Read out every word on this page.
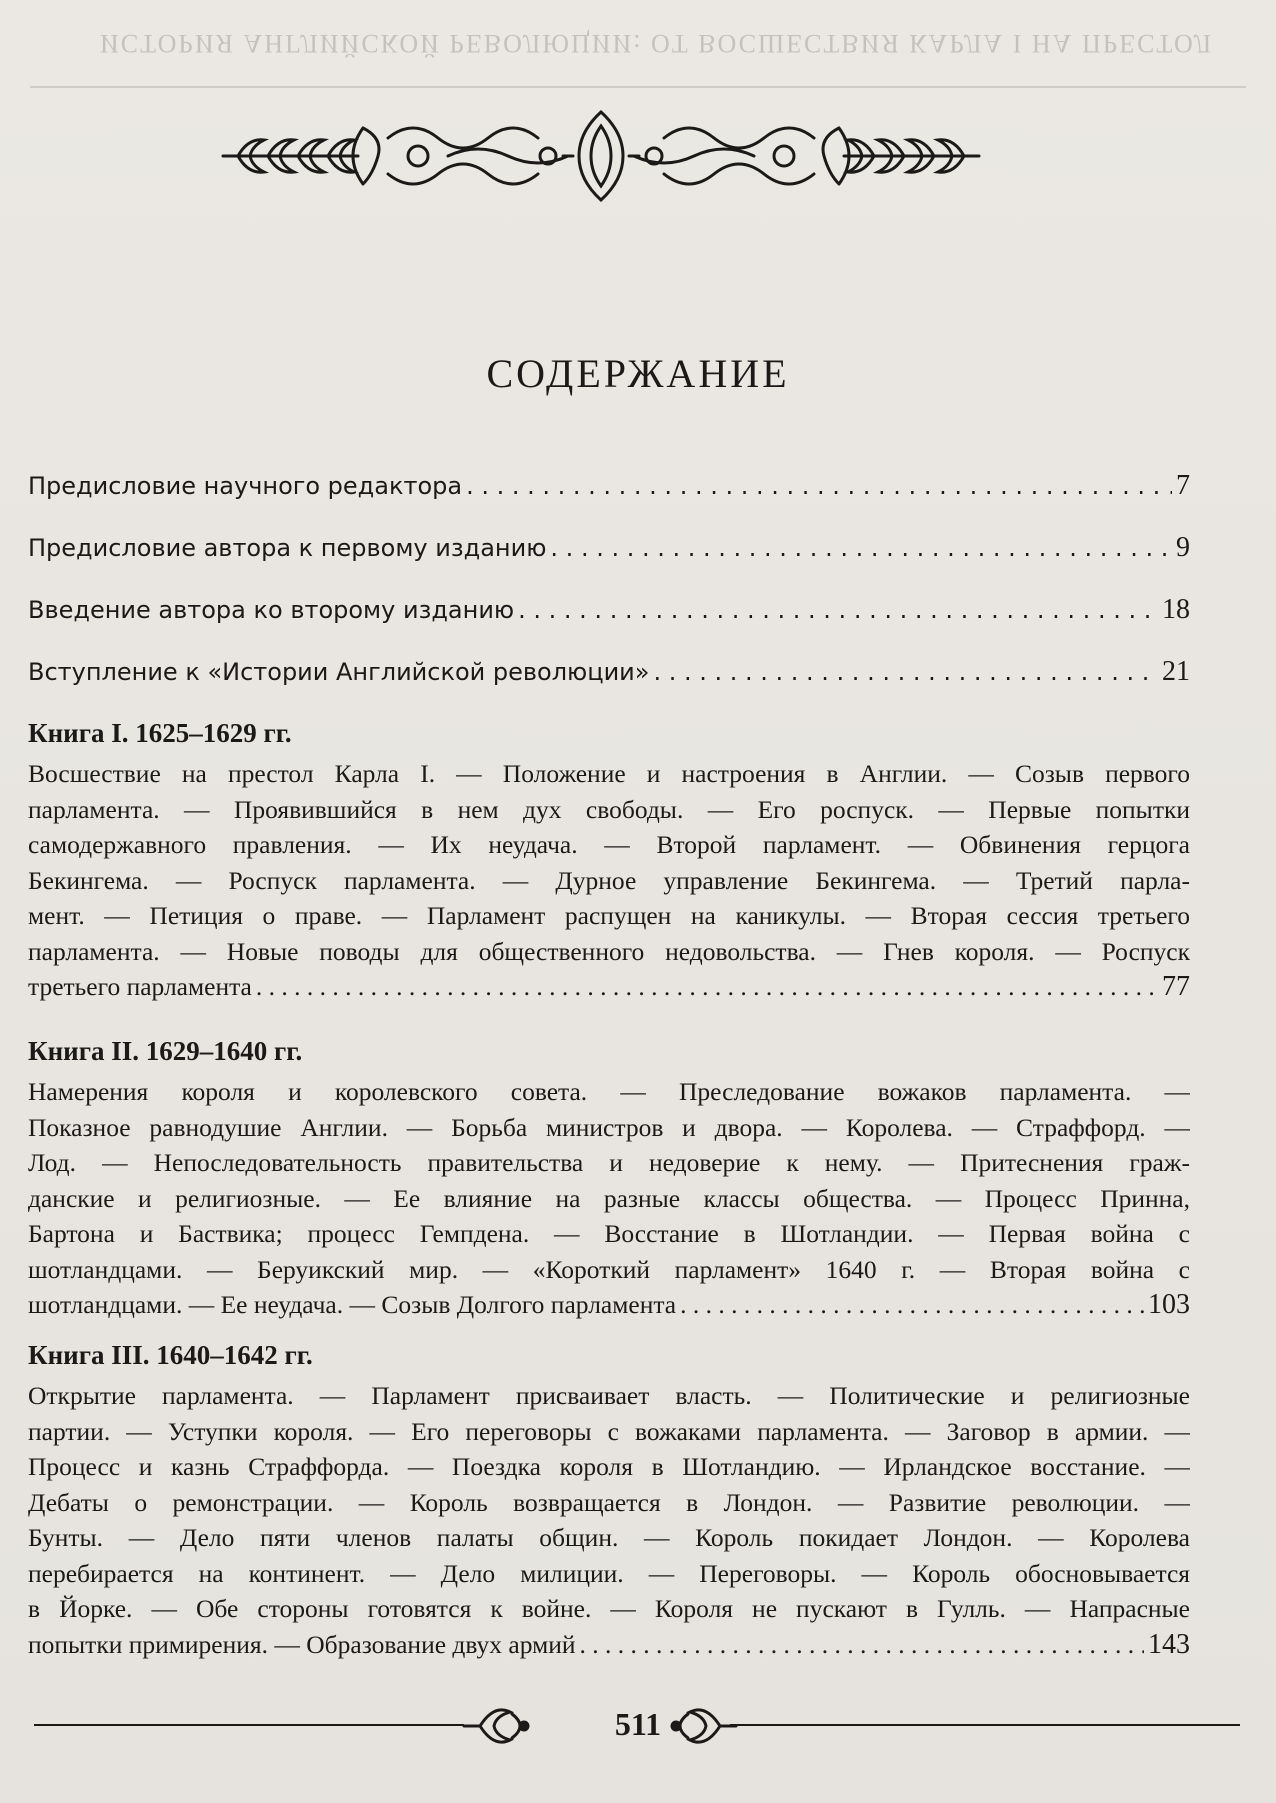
ИСТОРИЯ АНГЛИЙСКОЙ РЕВОЛЮЦИИ: ОТ ВОСШЕСТВИЯ КАРЛА I НА ПРЕСТОЛ
СОДЕРЖАНИЕ
Предисловие научного редактора . . .	7
Предисловие автора к первому изданию . . .	9
Введение автора ко второму изданию . . .	18
Вступление к «Истории Английской революции» . . .	21
Книга I. 1625–1629 гг.
Восшествие на престол Карла I. — Положение и настроения в Англии. — Созыв первого
парламента. — Проявившийся в нем дух свободы. — Его роспуск. — Первые попытки
самодержавного правления. — Их неудача. — Второй парламент. — Обвинения герцога
Бекингема. — Роспуск парламента. — Дурное управление Бекингема. — Третий парла-
мент. — Петиция о праве. — Парламент распущен на каникулы. — Вторая сессия третьего
парламента. — Новые поводы для общественного недовольства. — Гнев короля. — Роспуск
третьего парламента . . .	77
Книга II. 1629–1640 гг.
Намерения короля и королевского совета. — Преследование вожаков парламента. —
Показное равнодушие Англии. — Борьба министров и двора. — Королева. — Страффорд. —
Лод. — Непоследовательность правительства и недоверие к нему. — Притеснения граж-
данские и религиозные. — Ее влияние на разные классы общества. — Процесс Принна,
Бартона и Баствика; процесс Гемпдена. — Восстание в Шотландии. — Первая война с
шотландцами. — Беруикский мир. — «Короткий парламент» 1640 г. — Вторая война с
шотландцами. — Ее неудача. — Созыв Долгого парламента . . .	103
Книга III. 1640–1642 гг.
Открытие парламента. — Парламент присваивает власть. — Политические и религиозные
партии. — Уступки короля. — Его переговоры с вожаками парламента. — Заговор в армии. —
Процесс и казнь Страффорда. — Поездка короля в Шотландию. — Ирландское восстание. —
Дебаты о ремонстрации. — Король возвращается в Лондон. — Развитие революции. —
Бунты. — Дело пяти членов палаты общин. — Король покидает Лондон. — Королева
перебирается на континент. — Дело милиции. — Переговоры. — Король обосновывается
в Йорке. — Обе стороны готовятся к войне. — Короля не пускают в Гулль. — Напрасные
попытки примирения. — Образование двух армий . . .	143
511
